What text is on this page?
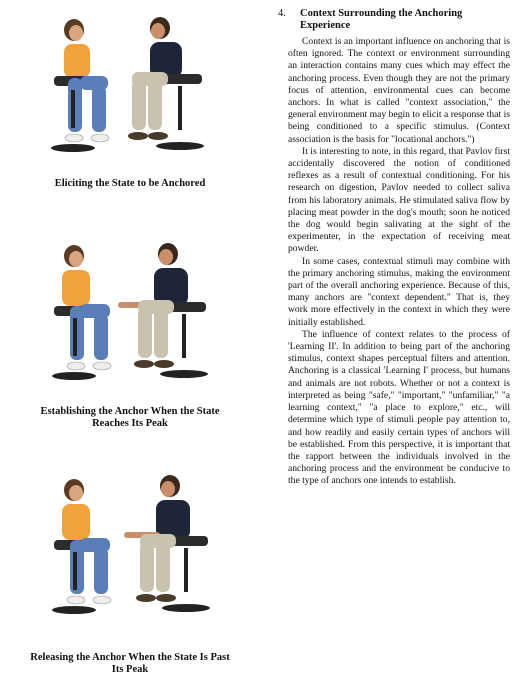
Eliciting the State to be Anchored
Establishing the Anchor When the State
Reaches Its Peak
Releasing the Anchor When the State Is Past
Its Peak
4. Context Surrounding the Anchoring Experience

Context is an important influence on anchoring that is often ignored. The context or environment surrounding an interaction contains many cues which may effect the anchoring process. Even though they are not the primary focus of attention, environmental cues can become anchors. In what is called "context association," the general environment may begin to elicit a response that is being conditioned to a specific stimulus. (Context association is the basis for "locational anchors.")

It is interesting to note, in this regard, that Pavlov first accidentally discovered the notion of conditioned reflexes as a result of contextual conditioning. For his research on digestion, Pavlov needed to collect saliva from his laboratory animals. He stimulated saliva flow by placing meat powder in the dog's mouth; soon he noticed the dog would begin salivating at the sight of the experimenter, in the expectation of receiving meat powder.

In some cases, contextual stimuli may combine with the primary anchoring stimulus, making the environment part of the overall anchoring experience. Because of this, many anchors are "context dependent." That is, they work more effectively in the context in which they were initially established.

The influence of context relates to the process of 'Learning II'. In addition to being part of the anchoring stimulus, context shapes perceptual filters and attention. Anchoring is a classical 'Learning I' process, but humans and animals are not robots. Whether or not a context is interpreted as being "safe," "important," "unfamiliar," "a learning context," "a place to explore," etc., will determine which type of stimuli people pay attention to, and how readily and easily certain types of anchors will be established. From this perspective, it is important that the rapport between the individuals involved in the anchoring process and the environment be conducive to the type of anchors one intends to establish.
